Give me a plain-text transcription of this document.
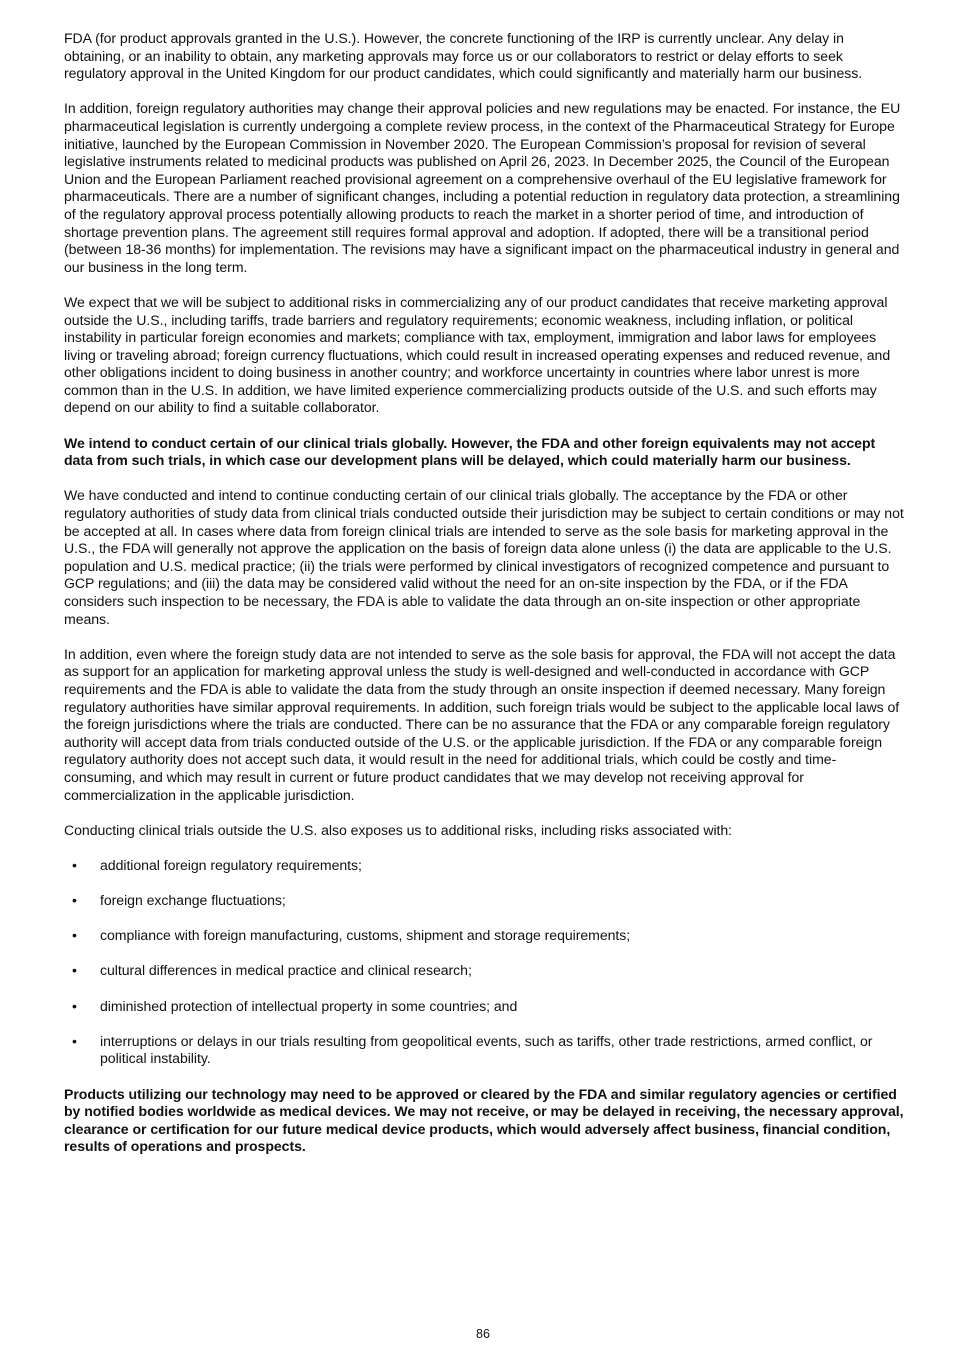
FDA (for product approvals granted in the U.S.). However, the concrete functioning of the IRP is currently unclear. Any delay in obtaining, or an inability to obtain, any marketing approvals may force us or our collaborators to restrict or delay efforts to seek regulatory approval in the United Kingdom for our product candidates, which could significantly and materially harm our business.

In addition, foreign regulatory authorities may change their approval policies and new regulations may be enacted. For instance, the EU pharmaceutical legislation is currently undergoing a complete review process, in the context of the Pharmaceutical Strategy for Europe initiative, launched by the European Commission in November 2020. The European Commission’s proposal for revision of several legislative instruments related to medicinal products was published on April 26, 2023. In December 2025, the Council of the European Union and the European Parliament reached provisional agreement on a comprehensive overhaul of the EU legislative framework for pharmaceuticals. There are a number of significant changes, including a potential reduction in regulatory data protection, a streamlining of the regulatory approval process potentially allowing products to reach the market in a shorter period of time, and introduction of shortage prevention plans. The agreement still requires formal approval and adoption. If adopted, there will be a transitional period (between 18-36 months) for implementation. The revisions may have a significant impact on the pharmaceutical industry in general and our business in the long term.

We expect that we will be subject to additional risks in commercializing any of our product candidates that receive marketing approval outside the U.S., including tariffs, trade barriers and regulatory requirements; economic weakness, including inflation, or political instability in particular foreign economies and markets; compliance with tax, employment, immigration and labor laws for employees living or traveling abroad; foreign currency fluctuations, which could result in increased operating expenses and reduced revenue, and other obligations incident to doing business in another country; and workforce uncertainty in countries where labor unrest is more common than in the U.S. In addition, we have limited experience commercializing products outside of the U.S. and such efforts may depend on our ability to find a suitable collaborator.

We intend to conduct certain of our clinical trials globally. However, the FDA and other foreign equivalents may not accept data from such trials, in which case our development plans will be delayed, which could materially harm our business.

We have conducted and intend to continue conducting certain of our clinical trials globally. The acceptance by the FDA or other regulatory authorities of study data from clinical trials conducted outside their jurisdiction may be subject to certain conditions or may not be accepted at all. In cases where data from foreign clinical trials are intended to serve as the sole basis for marketing approval in the U.S., the FDA will generally not approve the application on the basis of foreign data alone unless (i) the data are applicable to the U.S. population and U.S. medical practice; (ii) the trials were performed by clinical investigators of recognized competence and pursuant to GCP regulations; and (iii) the data may be considered valid without the need for an on-site inspection by the FDA, or if the FDA considers such inspection to be necessary, the FDA is able to validate the data through an on-site inspection or other appropriate means.

In addition, even where the foreign study data are not intended to serve as the sole basis for approval, the FDA will not accept the data as support for an application for marketing approval unless the study is well-designed and well-conducted in accordance with GCP requirements and the FDA is able to validate the data from the study through an onsite inspection if deemed necessary. Many foreign regulatory authorities have similar approval requirements. In addition, such foreign trials would be subject to the applicable local laws of the foreign jurisdictions where the trials are conducted. There can be no assurance that the FDA or any comparable foreign regulatory authority will accept data from trials conducted outside of the U.S. or the applicable jurisdiction. If the FDA or any comparable foreign regulatory authority does not accept such data, it would result in the need for additional trials, which could be costly and time-consuming, and which may result in current or future product candidates that we may develop not receiving approval for commercialization in the applicable jurisdiction.

Conducting clinical trials outside the U.S. also exposes us to additional risks, including risks associated with:

• additional foreign regulatory requirements;
• foreign exchange fluctuations;
• compliance with foreign manufacturing, customs, shipment and storage requirements;
• cultural differences in medical practice and clinical research;
• diminished protection of intellectual property in some countries; and
• interruptions or delays in our trials resulting from geopolitical events, such as tariffs, other trade restrictions, armed conflict, or political instability.

Products utilizing our technology may need to be approved or cleared by the FDA and similar regulatory agencies or certified by notified bodies worldwide as medical devices. We may not receive, or may be delayed in receiving, the necessary approval, clearance or certification for our future medical device products, which would adversely affect business, financial condition, results of operations and prospects.

86
